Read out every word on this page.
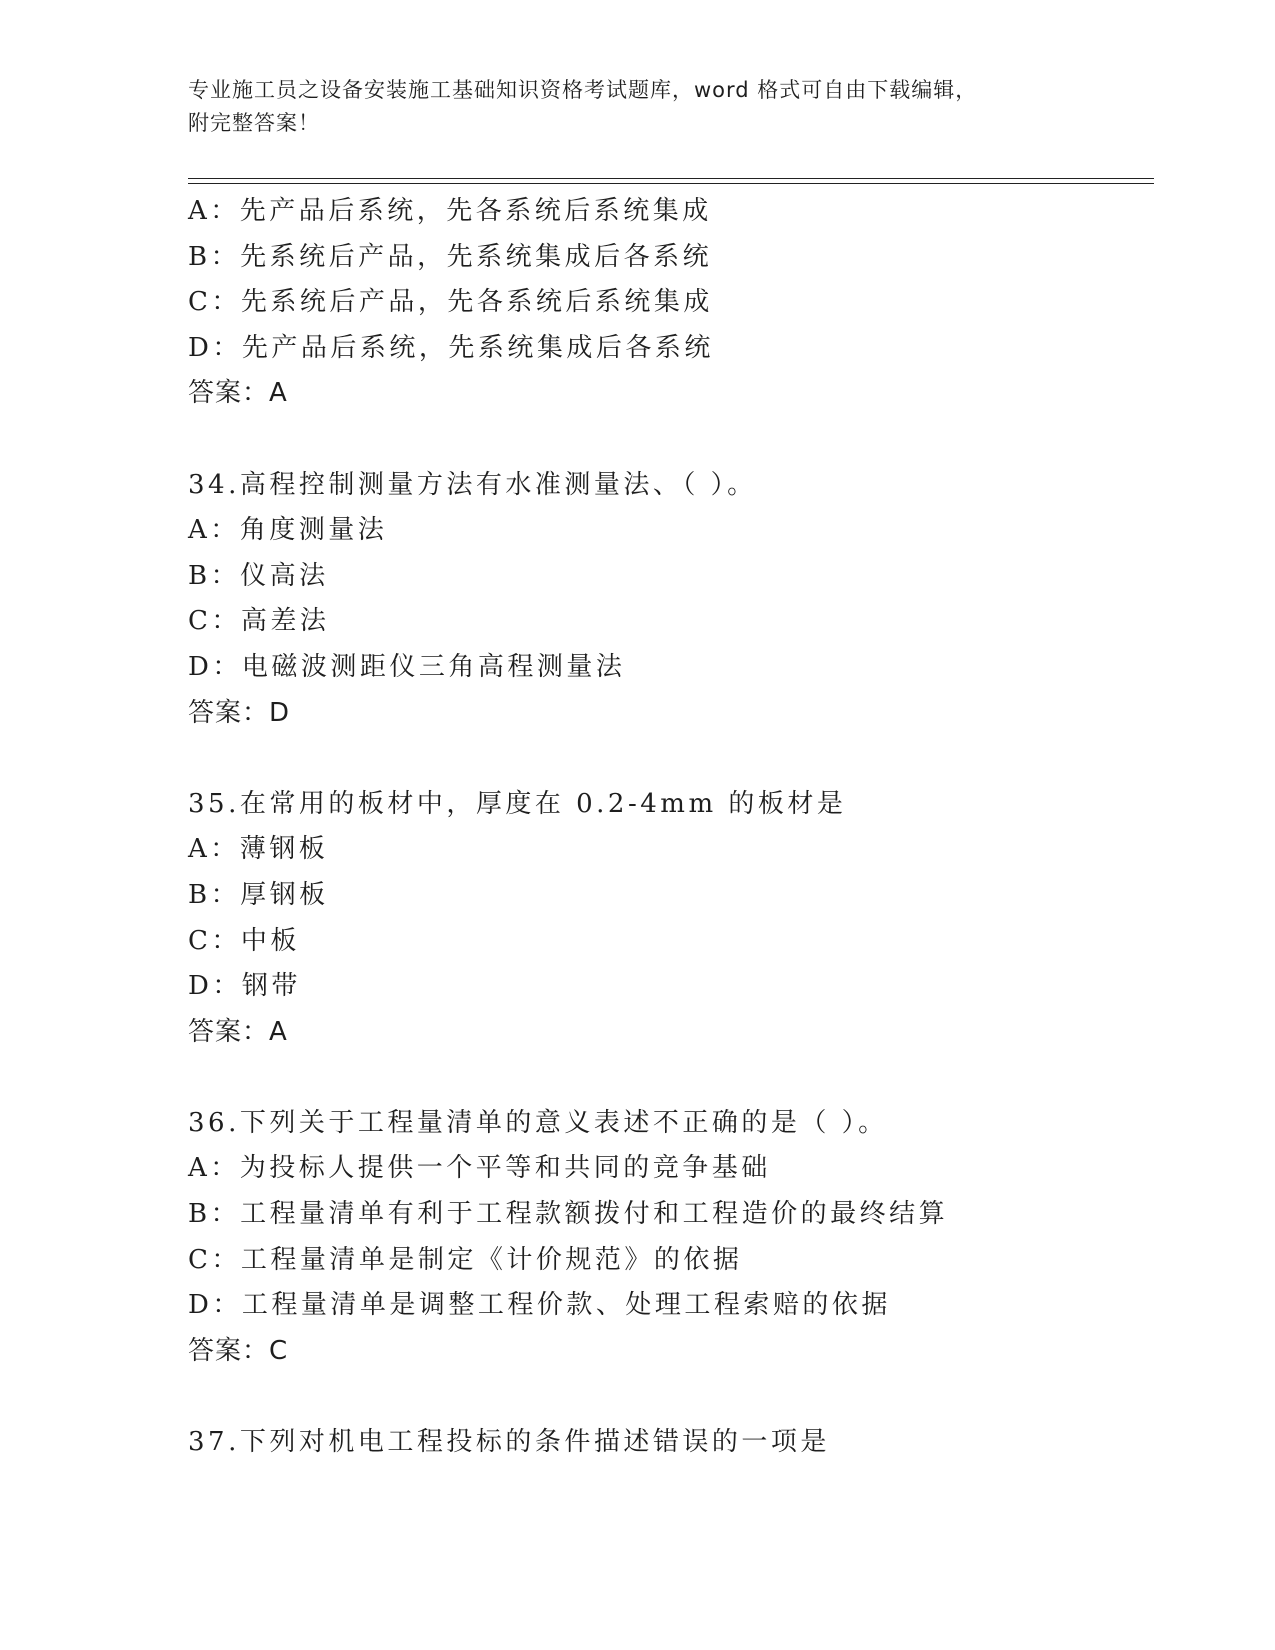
专业施工员之设备安装施工基础知识资格考试题库，word 格式可自由下载编辑，
附完整答案！
A：先产品后系统，先各系统后系统集成
B：先系统后产品，先系统集成后各系统
C：先系统后产品，先各系统后系统集成
D：先产品后系统，先系统集成后各系统
答案：A
34.高程控制测量方法有水准测量法、（ ）。
A：角度测量法
B：仪高法
C：高差法
D：电磁波测距仪三角高程测量法
答案：D
35.在常用的板材中，厚度在 0.2-4mm 的板材是
A：薄钢板
B：厚钢板
C：中板
D：钢带
答案：A
36.下列关于工程量清单的意义表述不正确的是（ ）。
A：为投标人提供一个平等和共同的竞争基础
B：工程量清单有利于工程款额拨付和工程造价的最终结算
C：工程量清单是制定《计价规范》的依据
D：工程量清单是调整工程价款、处理工程索赔的依据
答案：C
37.下列对机电工程投标的条件描述错误的一项是
